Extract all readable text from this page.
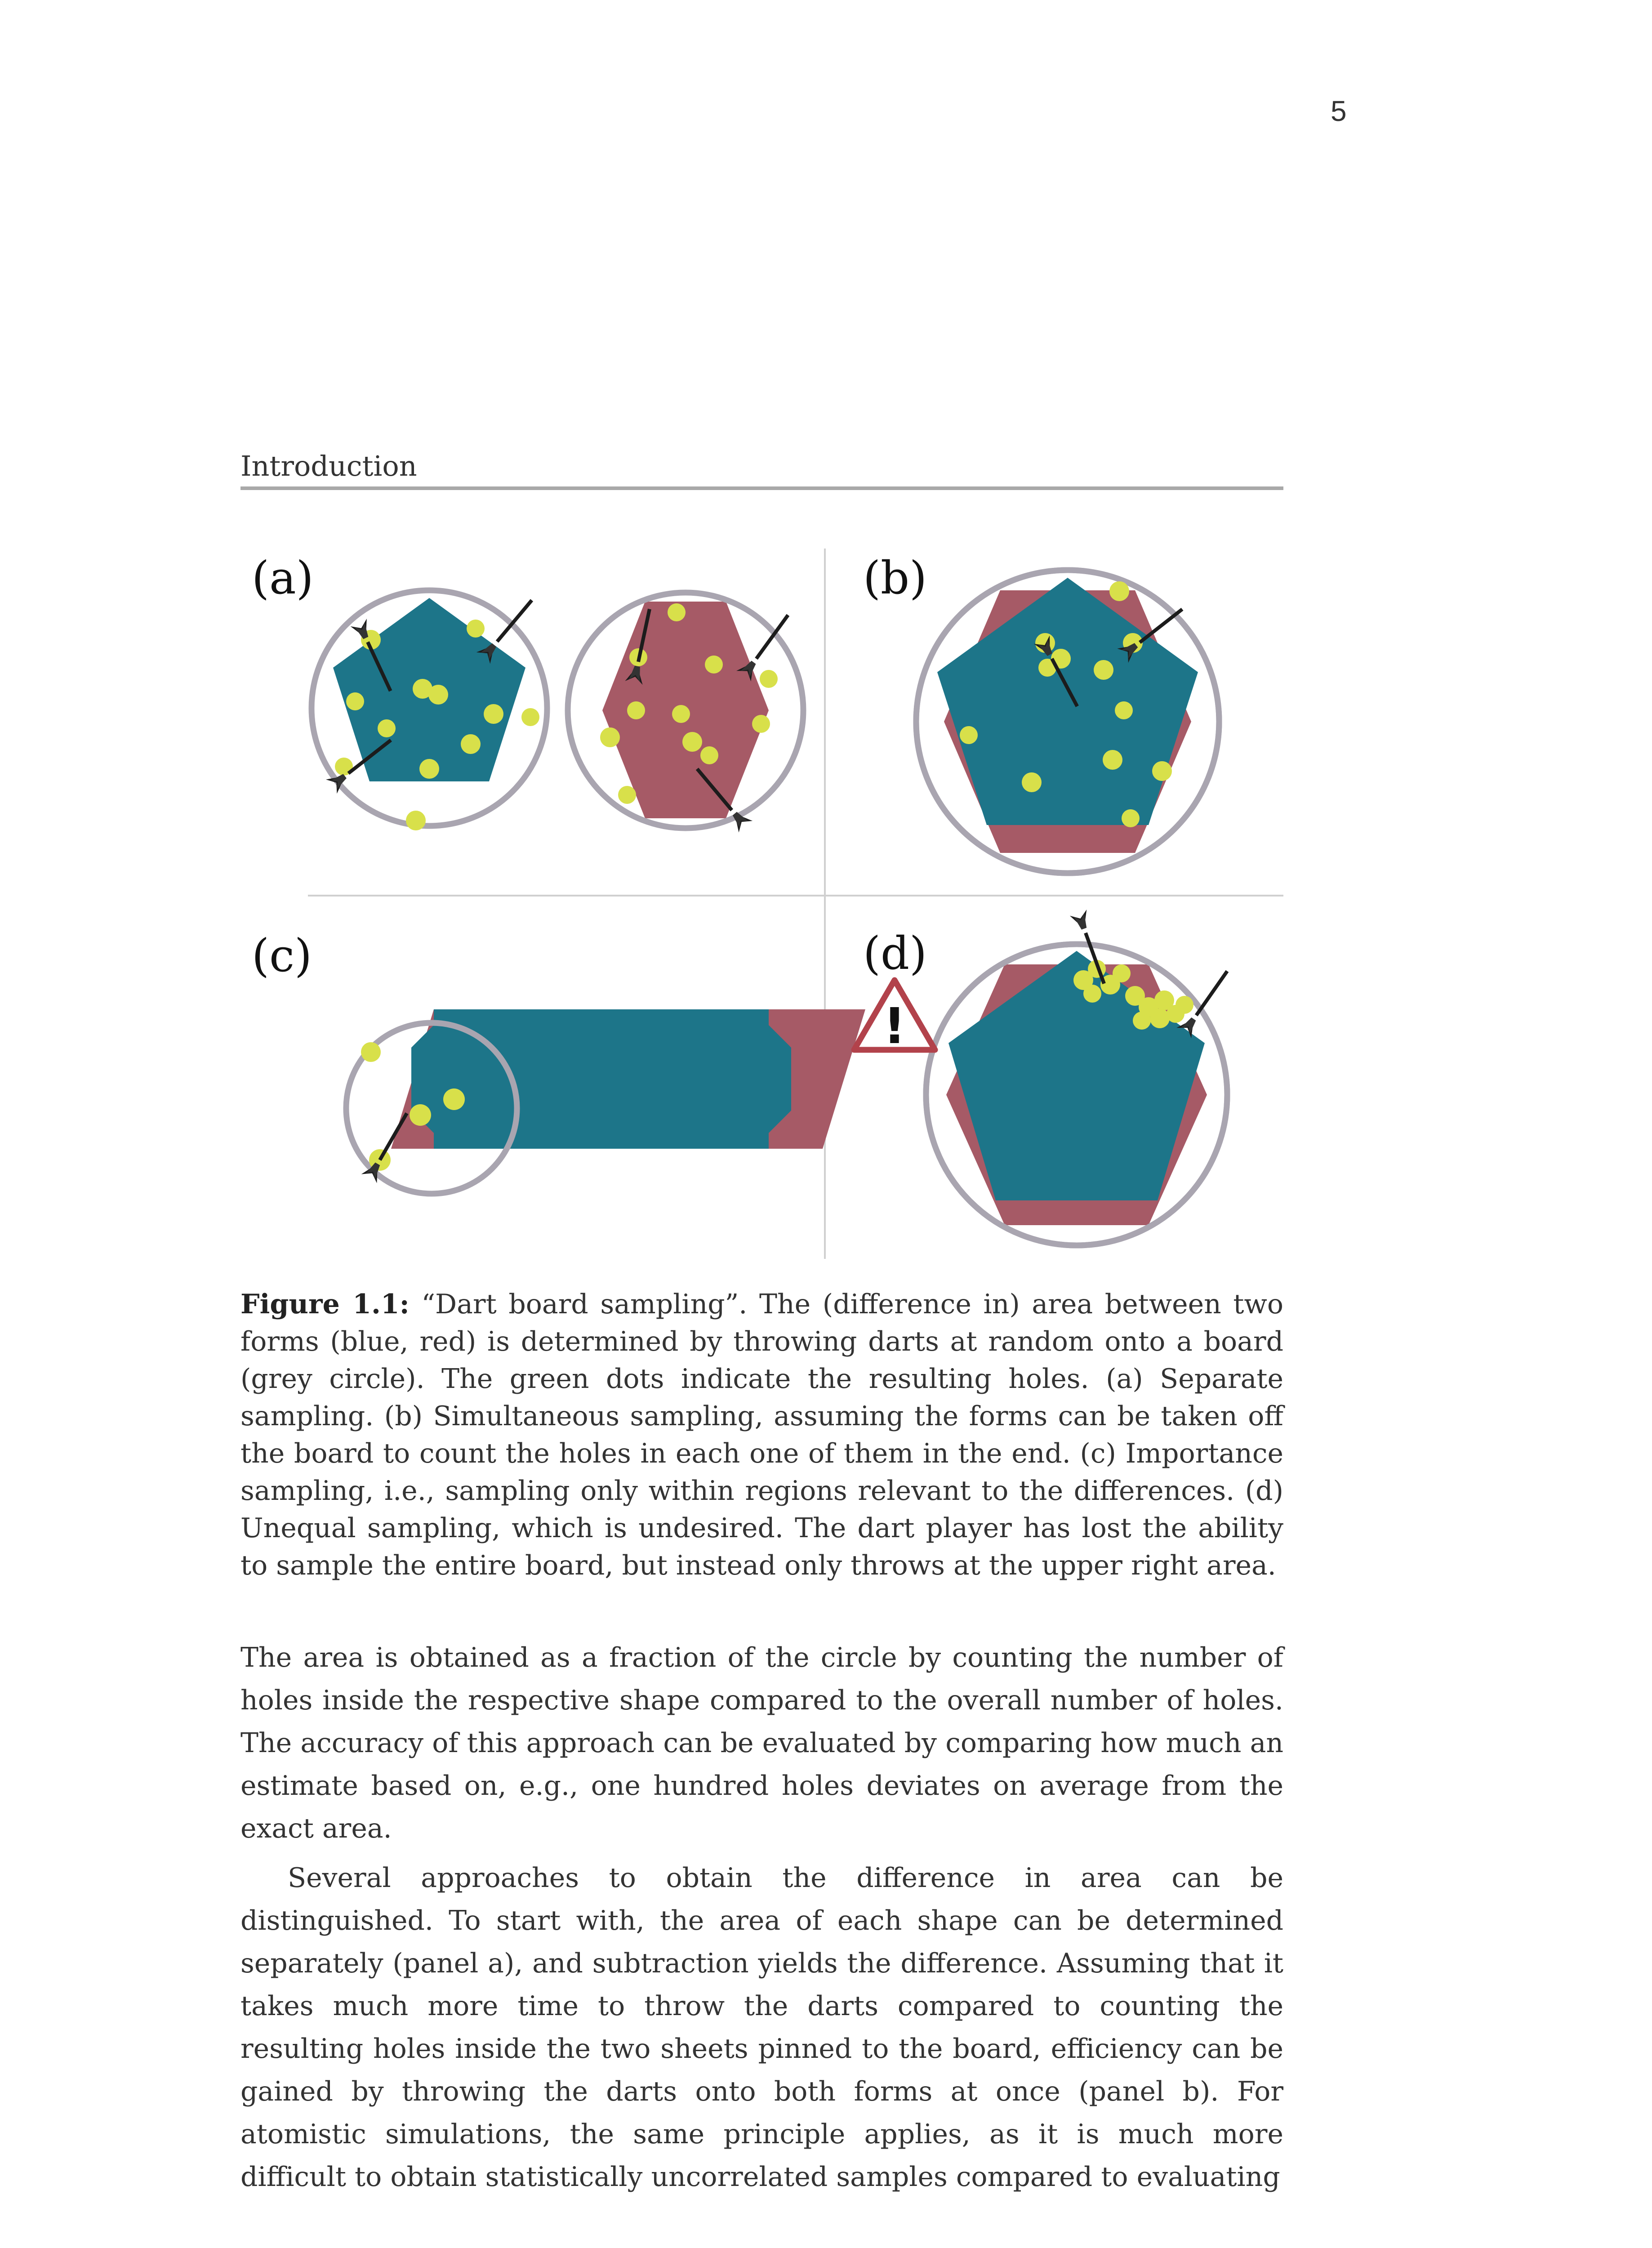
5
Introduction
(a)	(b)
(c)	(d)
!
Figure 1.1: “Dart board sampling”. The (difference in) area between two forms (blue, red) is determined by throwing darts at random onto a board (grey circle). The green dots indicate the resulting holes. (a) Separate sampling. (b) Simultaneous sampling, assuming the forms can be taken off the board to count the holes in each one of them in the end. (c) Importance sampling, i.e., sampling only within regions relevant to the differences. (d) Unequal sampling, which is undesired. The dart player has lost the ability to sample the entire board, but instead only throws at the upper right area.
The area is obtained as a fraction of the circle by counting the number of holes inside the respective shape compared to the overall number of holes. The accuracy of this approach can be evaluated by comparing how much an estimate based on, e.g., one hundred holes deviates on average from the exact area.
Several approaches to obtain the difference in area can be distinguished. To start with, the area of each shape can be determined separately (panel a), and subtraction yields the difference. Assuming that it takes much more time to throw the darts compared to counting the resulting holes inside the two sheets pinned to the board, efficiency can be gained by throwing the darts onto both forms at once (panel b). For atomistic simulations, the same principle applies, as it is much more difficult to obtain statistically uncorrelated samples compared to evaluating
